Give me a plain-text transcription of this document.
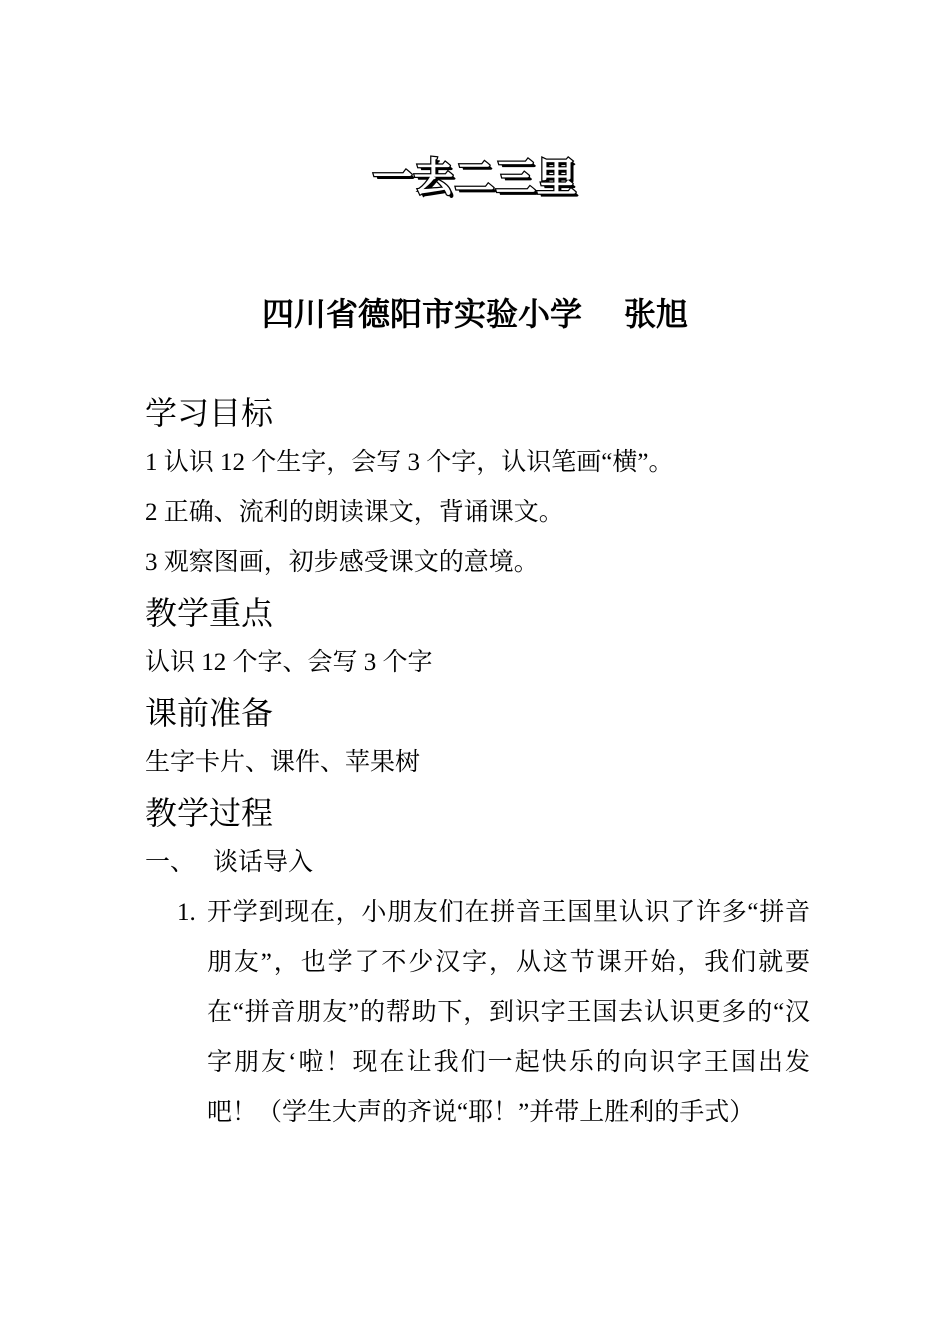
一去二三里
四川省德阳市实验小学 张旭
学习目标
1 认识 12 个生字，会写 3 个字，认识笔画“横”。
2 正确、流利的朗读课文，背诵课文。
3 观察图画，初步感受课文的意境。
教学重点
认识 12 个字、会写 3 个字
课前准备
生字卡片、课件、苹果树
教学过程
一、 谈话导入
1. 开学到现在，小朋友们在拼音王国里认识了许多“拼音朋友”，也学了不少汉字，从这节课开始，我们就要在“拼音朋友”的帮助下，到识字王国去认识更多的“汉字朋友‘啦！现在让我们一起快乐的向识字王国出发吧！（学生大声的齐说“耶！”并带上胜利的手式）
